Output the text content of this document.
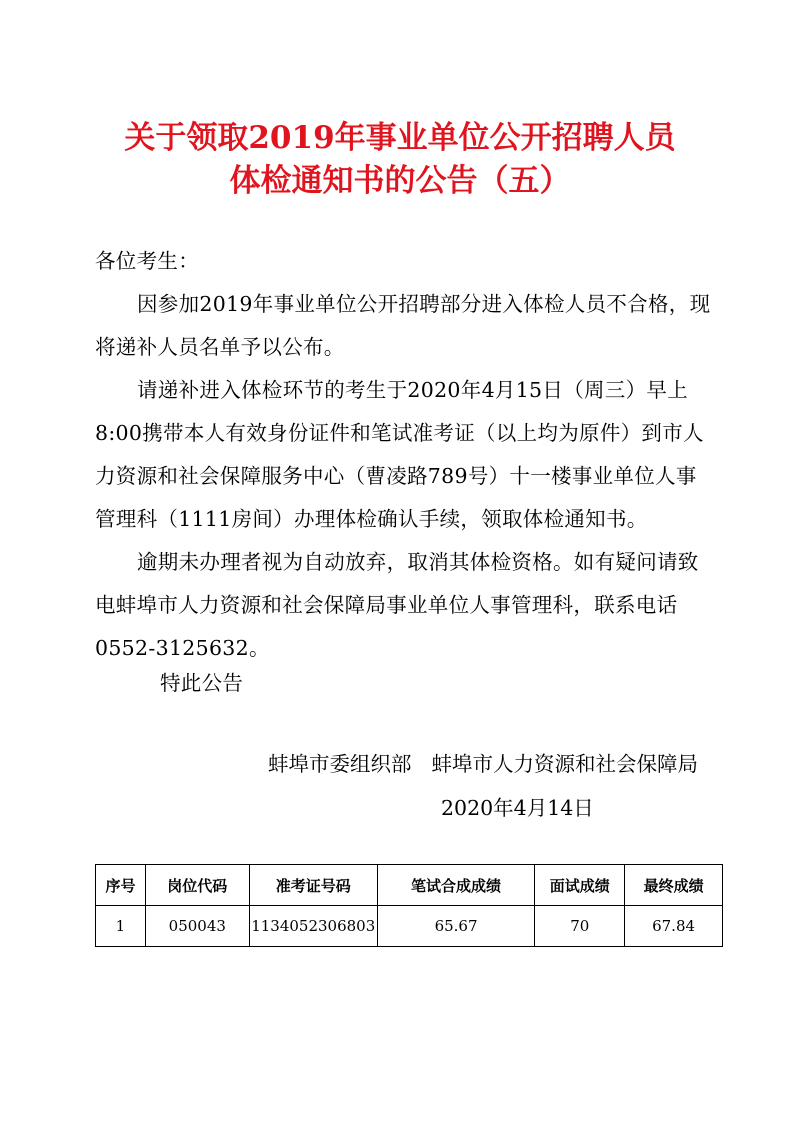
关于领取2019年事业单位公开招聘人员
体检通知书的公告（五）
各位考生：
因参加2019年事业单位公开招聘部分进入体检人员不合格，现
将递补人员名单予以公布。
请递补进入体检环节的考生于2020年4月15日（周三）早上
8:00携带本人有效身份证件和笔试准考证（以上均为原件）到市人
力资源和社会保障服务中心（曹凌路789号）十一楼事业单位人事
管理科（1111房间）办理体检确认手续，领取体检通知书。
逾期未办理者视为自动放弃，取消其体检资格。如有疑问请致
电蚌埠市人力资源和社会保障局事业单位人事管理科，联系电话
0552-3125632。
特此公告
蚌埠市委组织部 蚌埠市人力资源和社会保障局
2020年4月14日
序号	岗位代码	准考证号码	笔试合成成绩	面试成绩	最终成绩
1	050043	1134052306803	65.67	70	67.84
